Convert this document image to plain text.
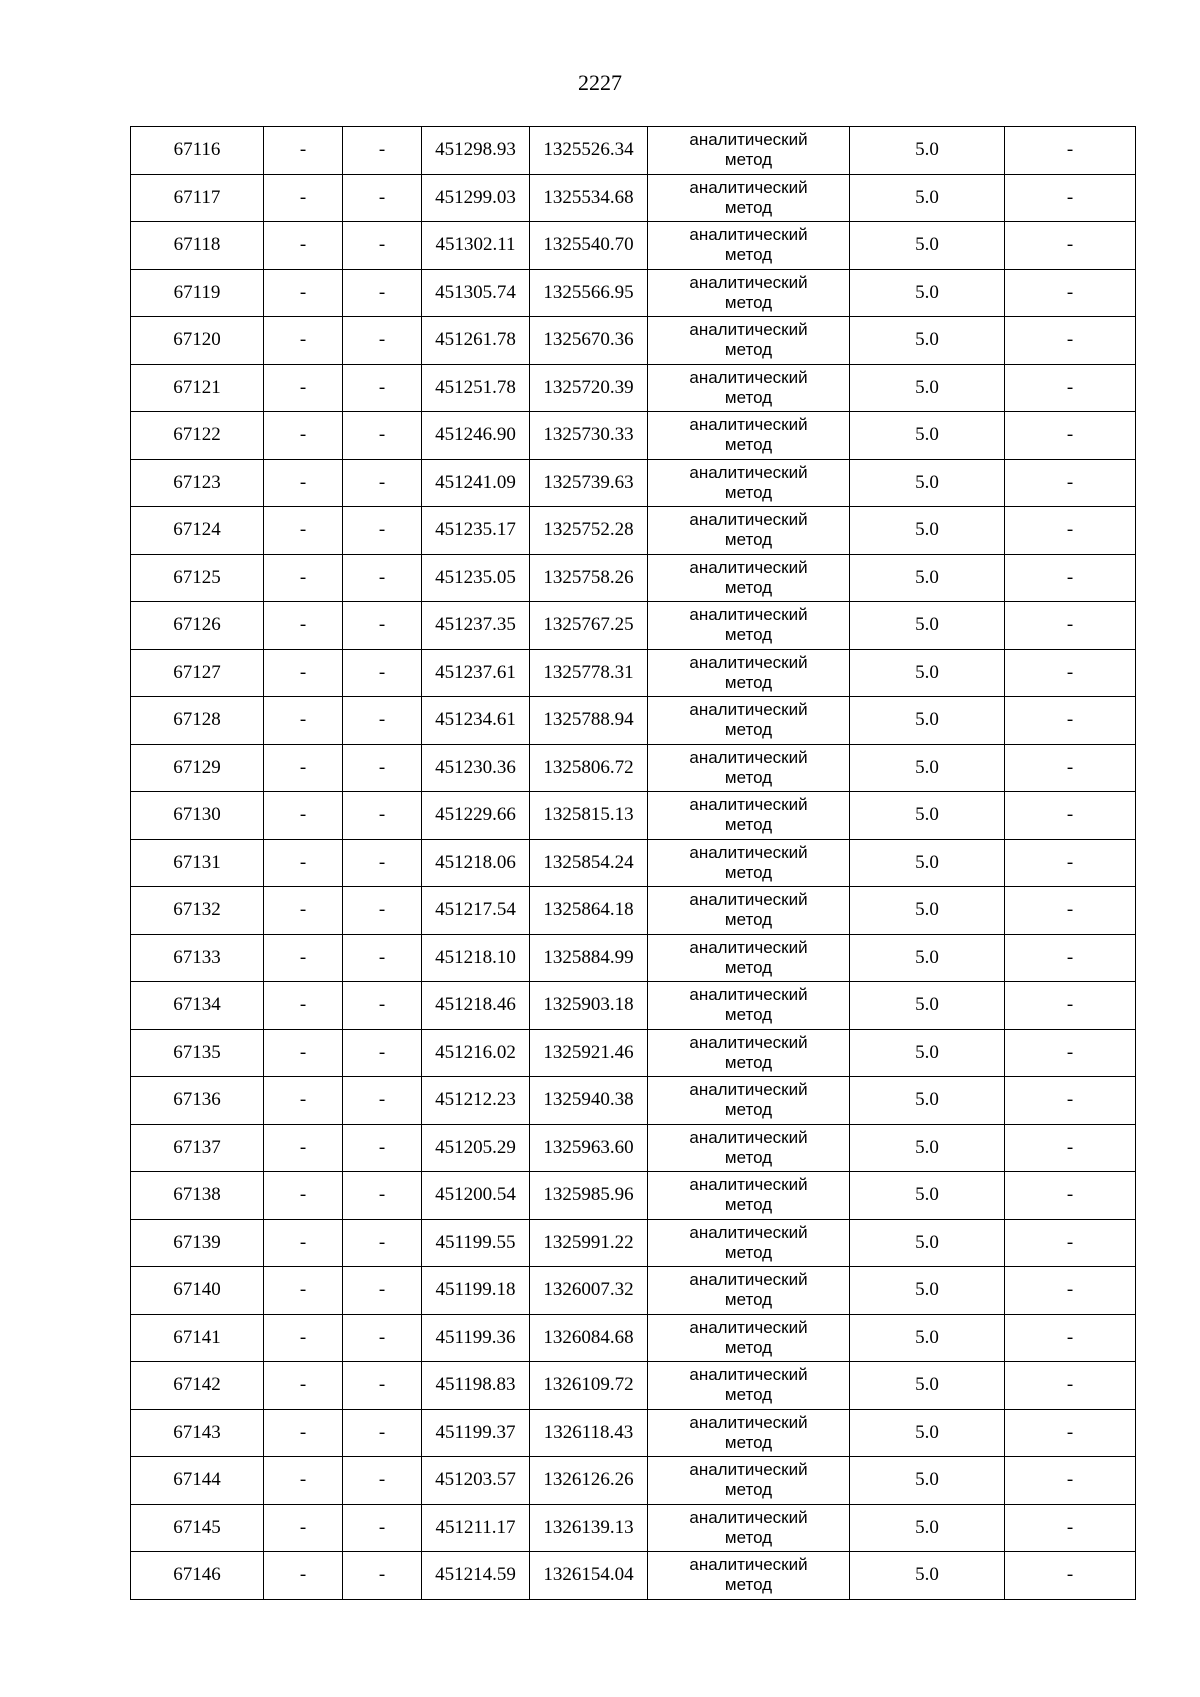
2227
67116	-	-	451298.93	1325526.34	аналитический
метод	5.0	-
67117	-	-	451299.03	1325534.68	аналитический
метод	5.0	-
67118	-	-	451302.11	1325540.70	аналитический
метод	5.0	-
67119	-	-	451305.74	1325566.95	аналитический
метод	5.0	-
67120	-	-	451261.78	1325670.36	аналитический
метод	5.0	-
67121	-	-	451251.78	1325720.39	аналитический
метод	5.0	-
67122	-	-	451246.90	1325730.33	аналитический
метод	5.0	-
67123	-	-	451241.09	1325739.63	аналитический
метод	5.0	-
67124	-	-	451235.17	1325752.28	аналитический
метод	5.0	-
67125	-	-	451235.05	1325758.26	аналитический
метод	5.0	-
67126	-	-	451237.35	1325767.25	аналитический
метод	5.0	-
67127	-	-	451237.61	1325778.31	аналитический
метод	5.0	-
67128	-	-	451234.61	1325788.94	аналитический
метод	5.0	-
67129	-	-	451230.36	1325806.72	аналитический
метод	5.0	-
67130	-	-	451229.66	1325815.13	аналитический
метод	5.0	-
67131	-	-	451218.06	1325854.24	аналитический
метод	5.0	-
67132	-	-	451217.54	1325864.18	аналитический
метод	5.0	-
67133	-	-	451218.10	1325884.99	аналитический
метод	5.0	-
67134	-	-	451218.46	1325903.18	аналитический
метод	5.0	-
67135	-	-	451216.02	1325921.46	аналитический
метод	5.0	-
67136	-	-	451212.23	1325940.38	аналитический
метод	5.0	-
67137	-	-	451205.29	1325963.60	аналитический
метод	5.0	-
67138	-	-	451200.54	1325985.96	аналитический
метод	5.0	-
67139	-	-	451199.55	1325991.22	аналитический
метод	5.0	-
67140	-	-	451199.18	1326007.32	аналитический
метод	5.0	-
67141	-	-	451199.36	1326084.68	аналитический
метод	5.0	-
67142	-	-	451198.83	1326109.72	аналитический
метод	5.0	-
67143	-	-	451199.37	1326118.43	аналитический
метод	5.0	-
67144	-	-	451203.57	1326126.26	аналитический
метод	5.0	-
67145	-	-	451211.17	1326139.13	аналитический
метод	5.0	-
67146	-	-	451214.59	1326154.04	аналитический
метод	5.0	-
